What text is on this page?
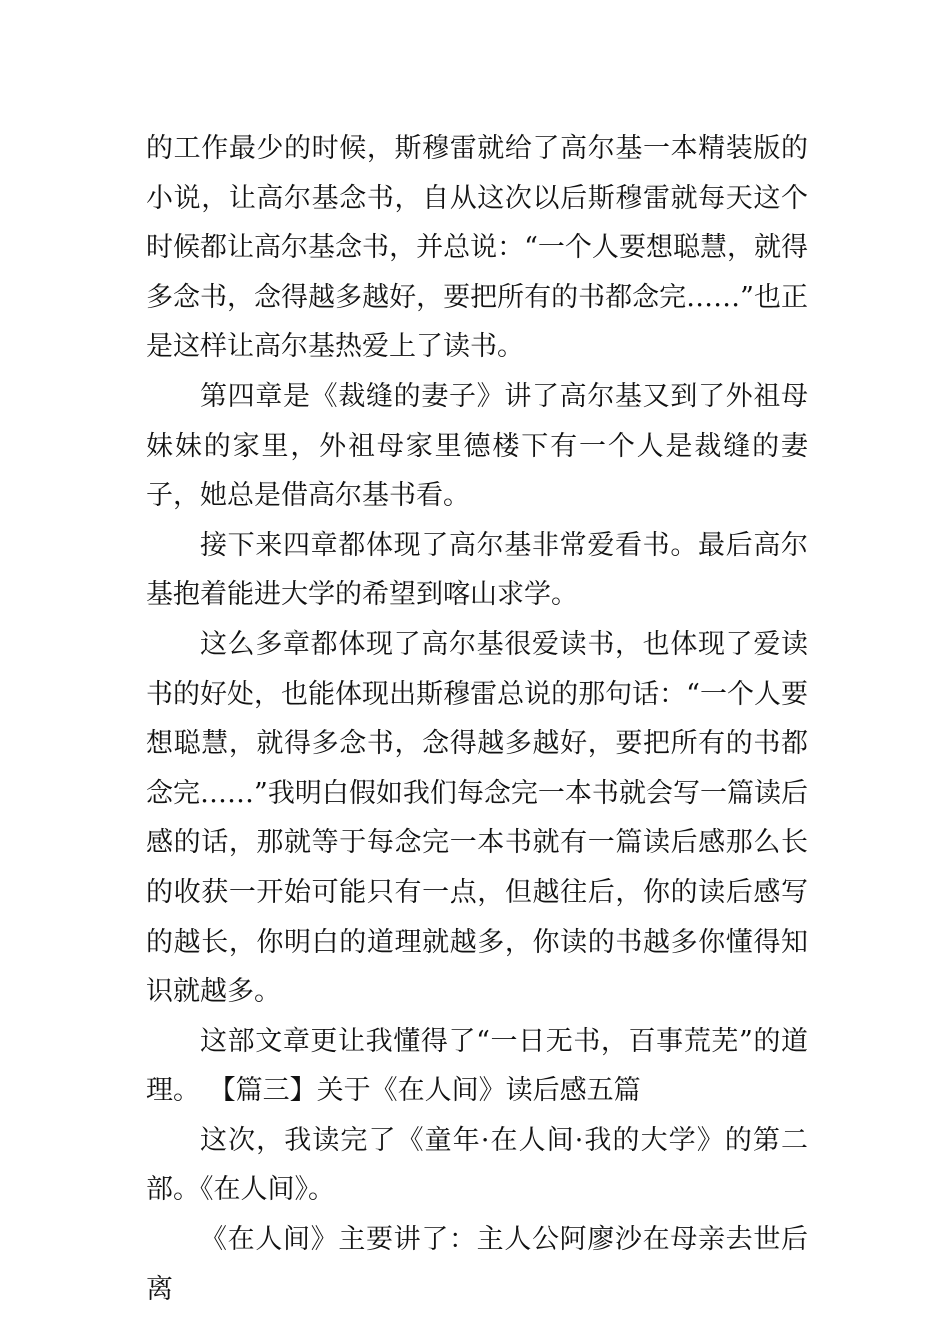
的工作最少的时候，斯穆雷就给了高尔基一本精装版的小说，让高尔基念书，自从这次以后斯穆雷就每天这个时候都让高尔基念书，并总说：“一个人要想聪慧，就得多念书，念得越多越好，要把所有的书都念完……”也正是这样让高尔基热爱上了读书。

第四章是《裁缝的妻子》讲了高尔基又到了外祖母妹妹的家里，外祖母家里德楼下有一个人是裁缝的妻子，她总是借高尔基书看。

接下来四章都体现了高尔基非常爱看书。最后高尔基抱着能进大学的希望到喀山求学。

这么多章都体现了高尔基很爱读书，也体现了爱读书的好处，也能体现出斯穆雷总说的那句话：“一个人要想聪慧，就得多念书，念得越多越好，要把所有的书都念完……”我明白假如我们每念完一本书就会写一篇读后感的话，那就等于每念完一本书就有一篇读后感那么长的收获一开始可能只有一点，但越往后，你的读后感写的越长，你明白的道理就越多，你读的书越多你懂得知识就越多。

这部文章更让我懂得了“一日无书，百事荒芜”的道理。 【篇三】关于《在人间》读后感五篇

这次，我读完了《童年·在人间·我的大学》的第二部。《在人间》。

《在人间》主要讲了：主人公阿廖沙在母亲去世后离
